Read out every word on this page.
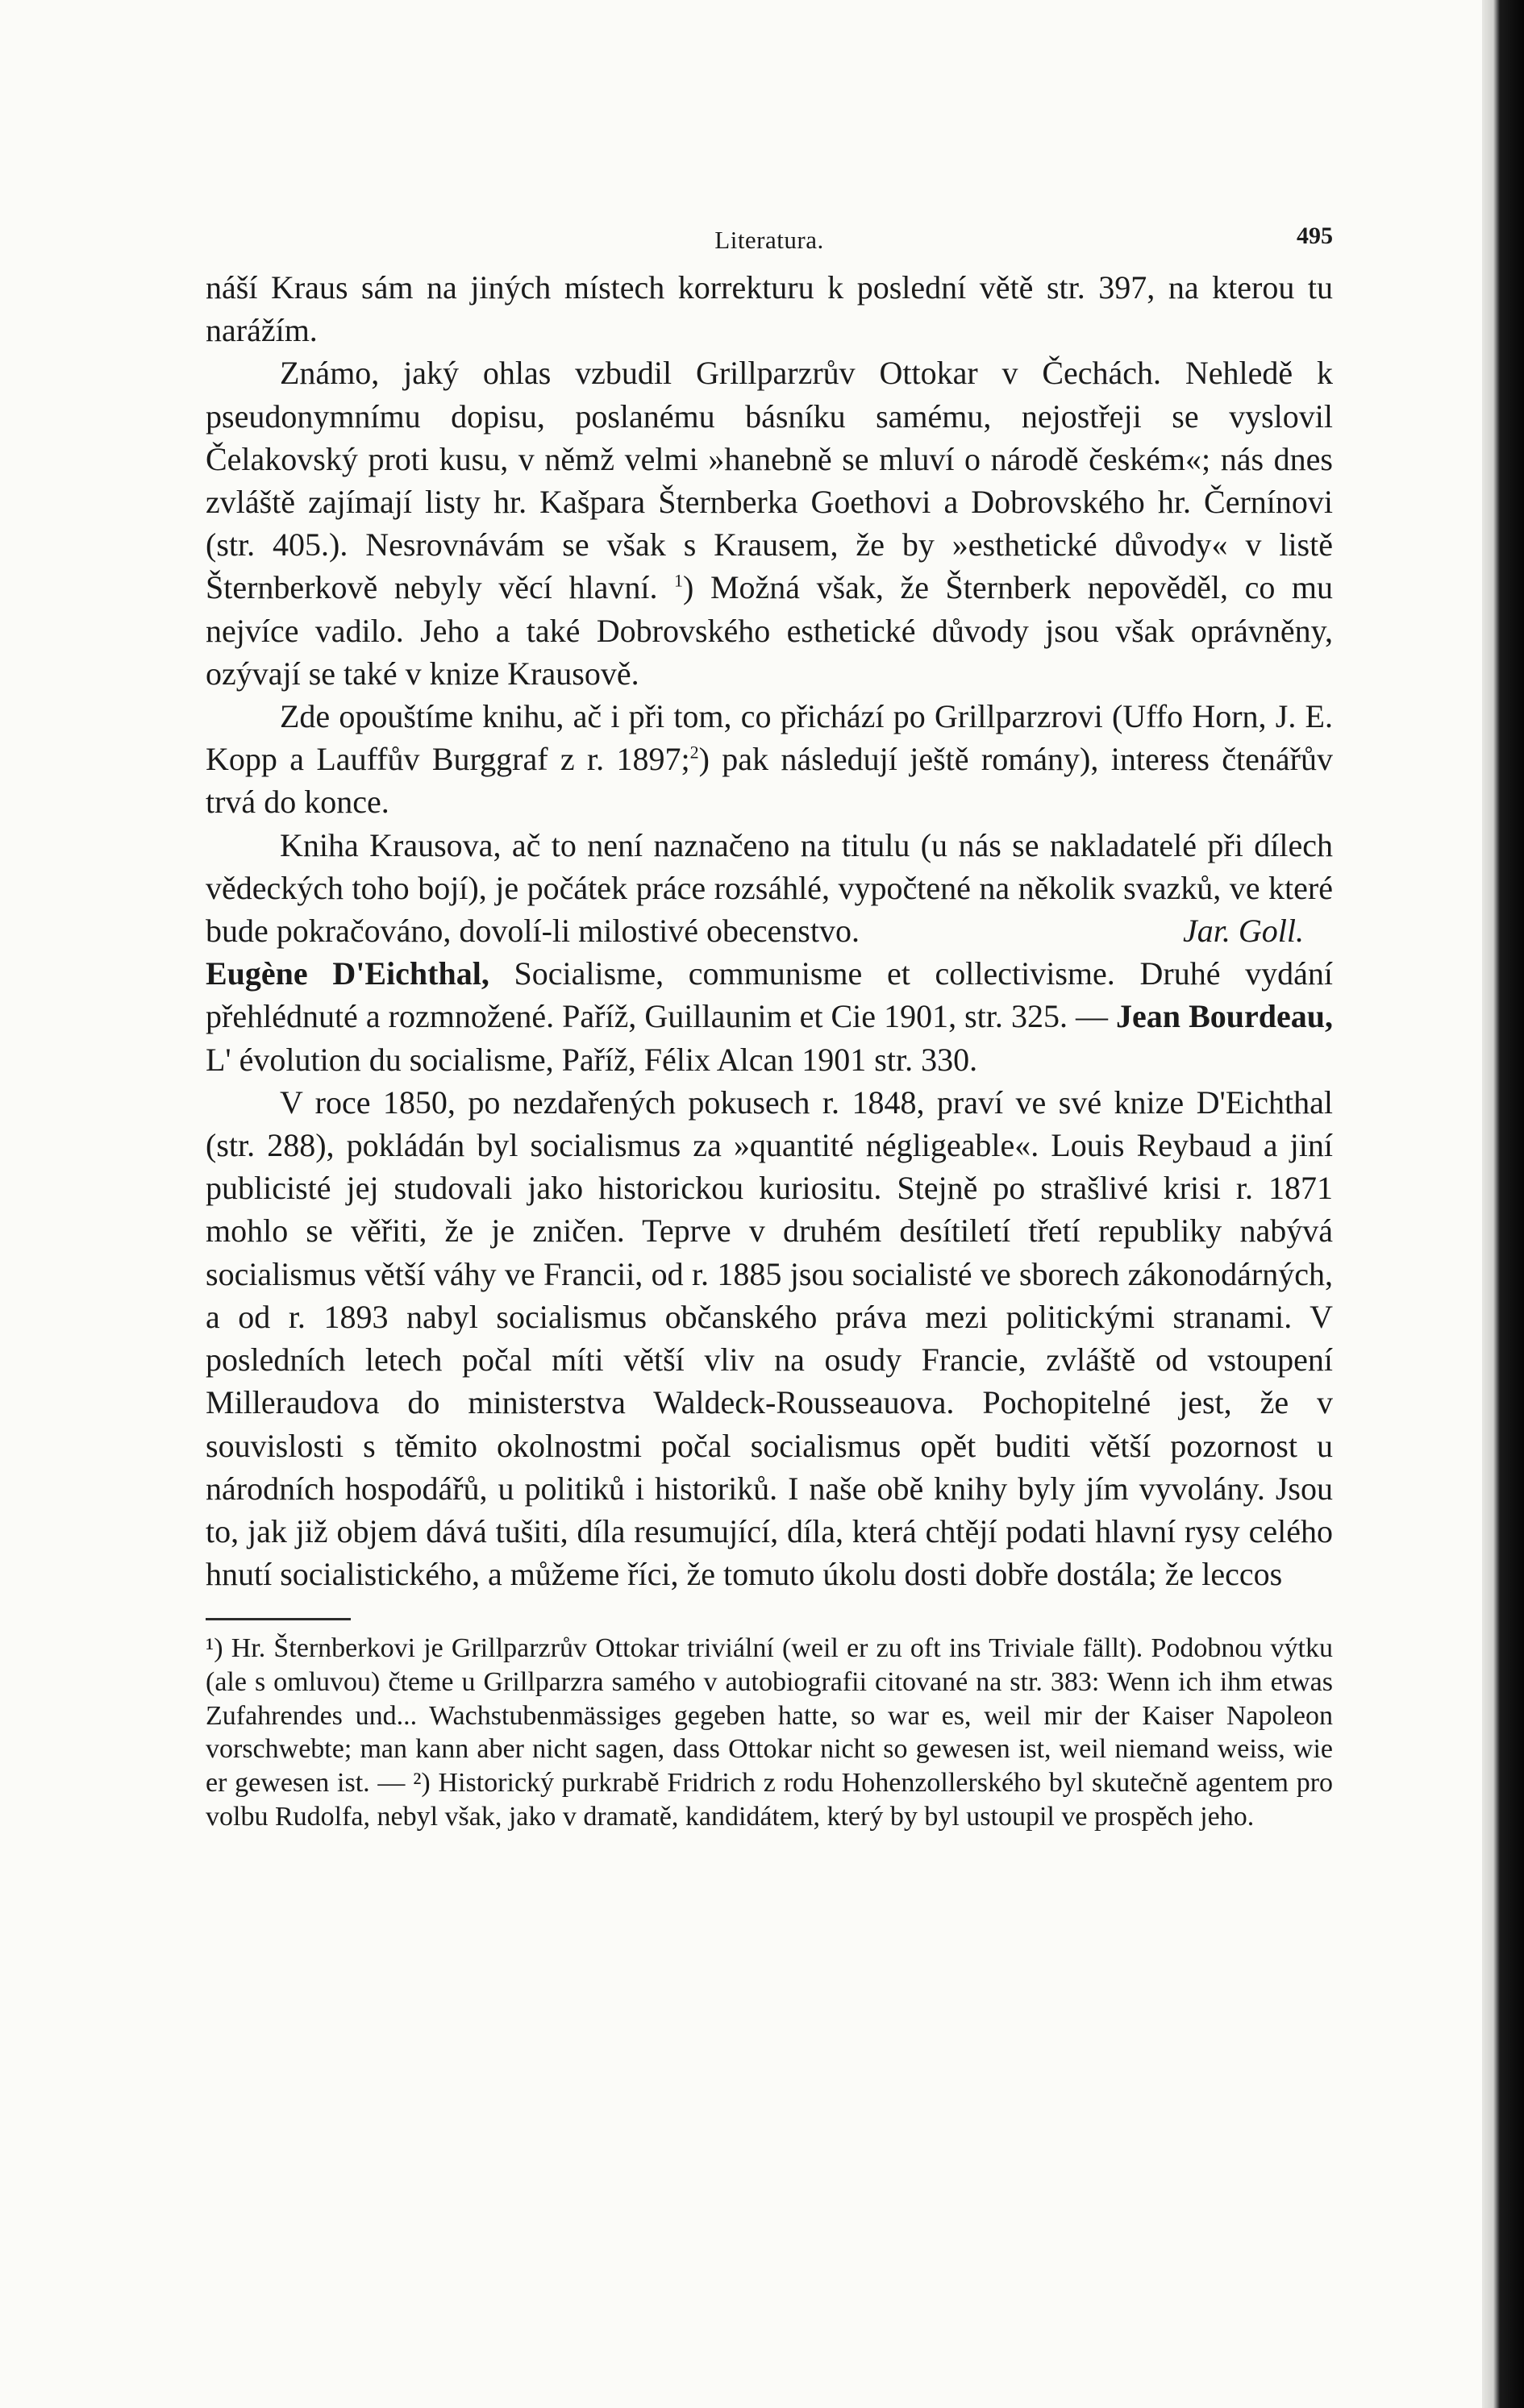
Literatura.	495

náší Kraus sám na jiných místech korrekturu k poslední větě str. 397, na kterou tu narážím.

Známo, jaký ohlas vzbudil Grillparzrův Ottokar v Čechách. Nehledě k pseudonymnímu dopisu, poslanému básníku samému, nejostřeji se vyslovil Čelakovský proti kusu, v němž velmi »hanebně se mluví o národě českém«; nás dnes zvláště zajímají listy hr. Kašpara Šternberka Goethovi a Dobrovského hr. Černínovi (str. 405.). Nesrovnávám se však s Krausem, že by »esthetické důvody« v listě Šternberkově nebyly věcí hlavní. $^1$) Možná však, že Šternberk nepověděl, co mu nejvíce vadilo. Jeho a také Dobrovského esthetické důvody jsou však oprávněny, ozývají se také v knize Krausově.

Zde opouštíme knihu, ač i při tom, co přichází po Grillparzrovi (Uffo Horn, J. E. Kopp a Lauffův Burggraf z r. 1897;$^2$) pak následují ještě romány), interess čtenářův trvá do konce.

Kniha Krausova, ač to není naznačeno na titulu (u nás se nakladatelé při dílech vědeckých toho bojí), je počátek práce rozsáhlé, vypočtené na několik svazků, ve které bude pokračováno, dovolí-li milostivé obecenstvo.	Jar. Goll.

Eugène D'Eichthal, Socialisme, communisme et collectivisme. Druhé vydání přehlédnuté a rozmnožené. Paříž, Guillaunim et Cie 1901, str. 325. — Jean Bourdeau, L' évolution du socialisme, Paříž, Félix Alcan 1901 str. 330.

V roce 1850, po nezdařených pokusech r. 1848, praví ve své knize D'Eichthal (str. 288), pokládán byl socialismus za »quantité négligeable«. Louis Reybaud a jiní publicisté jej studovali jako historickou kuriositu. Stejně po strašlivé krisi r. 1871 mohlo se věřiti, že je zničen. Teprve v druhém desítiletí třetí republiky nabývá socialismus větší váhy ve Francii, od r. 1885 jsou socialisté ve sborech zákonodárných, a od r. 1893 nabyl socialismus občanského práva mezi politickými stranami. V posledních letech počal míti větší vliv na osudy Francie, zvláště od vstoupení Milleraudova do ministerstva Waldeck-Rousseauova. Pochopitelné jest, že v souvislosti s těmito okolnostmi počal socialismus opět buditi větší pozornost u národních hospodářů, u politiků i historiků. I naše obě knihy byly jím vyvolány. Jsou to, jak již objem dává tušiti, díla resumující, díla, která chtějí podati hlavní rysy celého hnutí socialistického, a můžeme říci, že tomuto úkolu dosti dobře dostála; že leccos

¹) Hr. Šternberkovi je Grillparzrův Ottokar triviální (weil er zu oft ins Triviale fällt). Podobnou výtku (ale s omluvou) čteme u Grillparzra samého v autobiografii citované na str. 383: Wenn ich ihm etwas Zufahrendes und... Wachstubenmässiges gegeben hatte, so war es, weil mir der Kaiser Napoleon vorschwebte; man kann aber nicht sagen, dass Ottokar nicht so gewesen ist, weil niemand weiss, wie er gewesen ist. — ²) Historický purkrabě Fridrich z rodu Hohenzollerského byl skutečně agentem pro volbu Rudolfa, nebyl však, jako v dramatě, kandidátem, který by byl ustoupil ve prospěch jeho.
